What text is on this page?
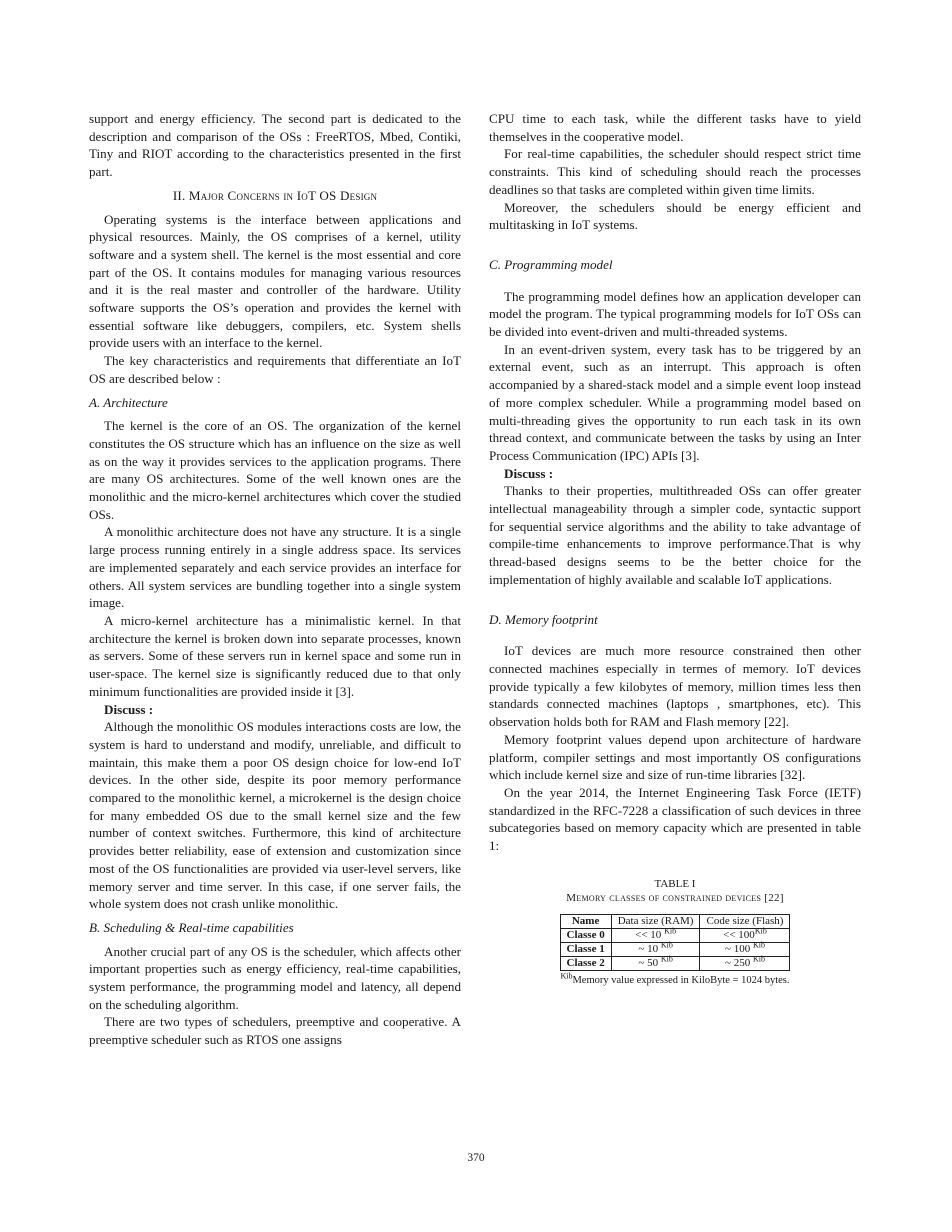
support and energy efficiency. The second part is dedicated to the description and comparison of the OSs : FreeRTOS, Mbed, Contiki, Tiny and RIOT according to the characteristics presented in the first part.

II. Major Concerns in IoT OS Design

Operating systems is the interface between applications and physical resources. Mainly, the OS comprises of a kernel, utility software and a system shell. The kernel is the most essential and core part of the OS. It contains modules for managing various resources and it is the real master and controller of the hardware. Utility software supports the OS’s operation and provides the kernel with essential software like debuggers, compilers, etc. System shells provide users with an interface to the kernel.

The key characteristics and requirements that differentiate an IoT OS are described below :

A. Architecture

The kernel is the core of an OS. The organization of the kernel constitutes the OS structure which has an influence on the size as well as on the way it provides services to the application programs. There are many OS architectures. Some of the well known ones are the monolithic and the micro-kernel architectures which cover the studied OSs.

A monolithic architecture does not have any structure. It is a single large process running entirely in a single address space. Its services are implemented separately and each service provides an interface for others. All system services are bundling together into a single system image.

A micro-kernel architecture has a minimalistic kernel. In that architecture the kernel is broken down into separate processes, known as servers. Some of these servers run in kernel space and some run in user-space. The kernel size is significantly reduced due to that only minimum functionalities are provided inside it [3].

Discuss :

Although the monolithic OS modules interactions costs are low, the system is hard to understand and modify, unreliable, and difficult to maintain, this make them a poor OS design choice for low-end IoT devices. In the other side, despite its poor memory performance compared to the monolithic kernel, a microkernel is the design choice for many embedded OS due to the small kernel size and the few number of context switches. Furthermore, this kind of architecture provides better reliability, ease of extension and customization since most of the OS functionalities are provided via user-level servers, like memory server and time server. In this case, if one server fails, the whole system does not crash unlike monolithic.

B. Scheduling & Real-time capabilities

Another crucial part of any OS is the scheduler, which affects other important properties such as energy efficiency, real-time capabilities, system performance, the programming model and latency, all depend on the scheduling algorithm.

There are two types of schedulers, preemptive and cooperative. A preemptive scheduler such as RTOS one assigns

CPU time to each task, while the different tasks have to yield themselves in the cooperative model.

For real-time capabilities, the scheduler should respect strict time constraints. This kind of scheduling should reach the processes deadlines so that tasks are completed within given time limits.

Moreover, the schedulers should be energy efficient and multitasking in IoT systems.

C. Programming model

The programming model defines how an application developer can model the program. The typical programming models for IoT OSs can be divided into event-driven and multi-threaded systems.

In an event-driven system, every task has to be triggered by an external event, such as an interrupt. This approach is often accompanied by a shared-stack model and a simple event loop instead of more complex scheduler. While a programming model based on multi-threading gives the opportunity to run each task in its own thread context, and communicate between the tasks by using an Inter Process Communication (IPC) APIs [3].

Discuss :

Thanks to their properties, multithreaded OSs can offer greater intellectual manageability through a simpler code, syntactic support for sequential service algorithms and the ability to take advantage of compile-time enhancements to improve performance.That is why thread-based designs seems to be the better choice for the implementation of highly available and scalable IoT applications.

D. Memory footprint

IoT devices are much more resource constrained then other connected machines especially in termes of memory. IoT devices provide typically a few kilobytes of memory, million times less then standards connected machines (laptops , smartphones, etc). This observation holds both for RAM and Flash memory [22].

Memory footprint values depend upon architecture of hardware platform, compiler settings and most importantly OS configurations which include kernel size and size of run-time libraries [32].

On the year 2014, the Internet Engineering Task Force (IETF) standardized in the RFC-7228 a classification of such devices in three subcategories based on memory capacity which are presented in table 1:

TABLE I
Memory classes of constrained devices [22]
Name	Data size (RAM)	Code size (Flash)
Classe 0	<< 10 $^{Kib}$	<< $100^{Kib}$
Classe 1	~ 10 $^{Kib}$	~ 100 $^{Kib}$
Classe 2	~ 50 $^{Kib}$	~ 250 $^{Kib}$
$^{Kib}$Memory value expressed in KiloByte = 1024 bytes.
370
